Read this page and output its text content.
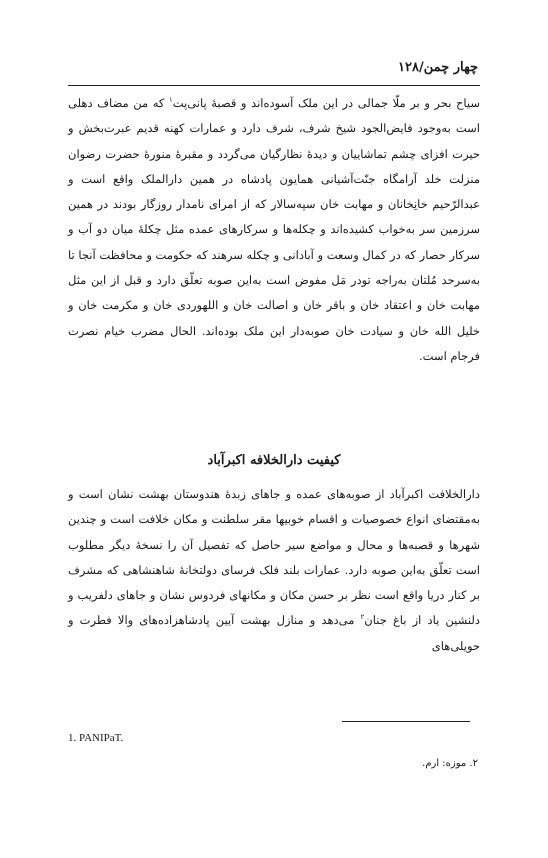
چهار چمن/۱۲۸
سیاح بحر و بر ملّا جمالی در این ملک آسوده‌اند و قصبهٔ پانی‌پت$^۱$ که من مضاف دهلی است به‌وجود فایض‌الجود شیخ شرف، شرف دارد و عمارات کهنه قدیم عبرت‌بخش و حیرت افزای چشم تماشاییان و دیدهٔ نظارگیان می‌گردد و مقبرهٔ منورهٔ حضرت رضوان منزلت خلد آرامگاه جنّت‌آشیانی همایون پادشاه در همین دارالملک واقع است و عبدالرّحیم خانِخانان و مهابت خان سپه‌سالار که از امرای نامدار روزگار بودند در همین سرزمین سر به‌خواب کشیده‌اند و چکله‌ها و سرکارهای عمده مثل چکلهٔ میان دو آب و سرکار حصار که در کمال وسعت و آبادانی و چکله سرهند که حکومت و محافظت آنجا تا به‌سرحد مُلتان به‌راجه تودر مَل مفوض است به‌این صوبه تعلّق دارد و قبل از این مثل مهابت خان و اعتقاد خان و باقر خان و اصالت خان و اللهوردی خان و مکرمت خان و خلیل الله خان و سیادت خان صوبه‌دار این ملک بوده‌اند. الحال مضرب خیام نصرت فرجام است.
کیفیت دارالخلافه اکبرآباد
دارالخلافت اکبرآباد از صوبه‌های عمده و جاهای زبدهٔ هندوستان بهشت نشان است و به‌مقتضای انواع خصوصیات و اقسام خوبیها مقر سلطنت و مکان خلافت است و چندین شهرها و قصبه‌ها و محال و مواضع سیر حاصل که تفصیل آن را نسخهٔ دیگر مطلوب است تعلّق به‌این صوبه دارد. عمارات بلند فلک فرسای دولتخانهٔ شاهنشاهی که مشرف بر کنار دریا واقع است نظر بر حسن مکان و مکانهای فردوس نشان و جاهای دلفریب و دلنشین یاد از باغ جنان$^۲$ می‌دهد و منازل بهشت آیین پادشاهزاده‌های والا فطرت و حویلی‌های
1. PANIPaT.
۲. موزه: ارم.
